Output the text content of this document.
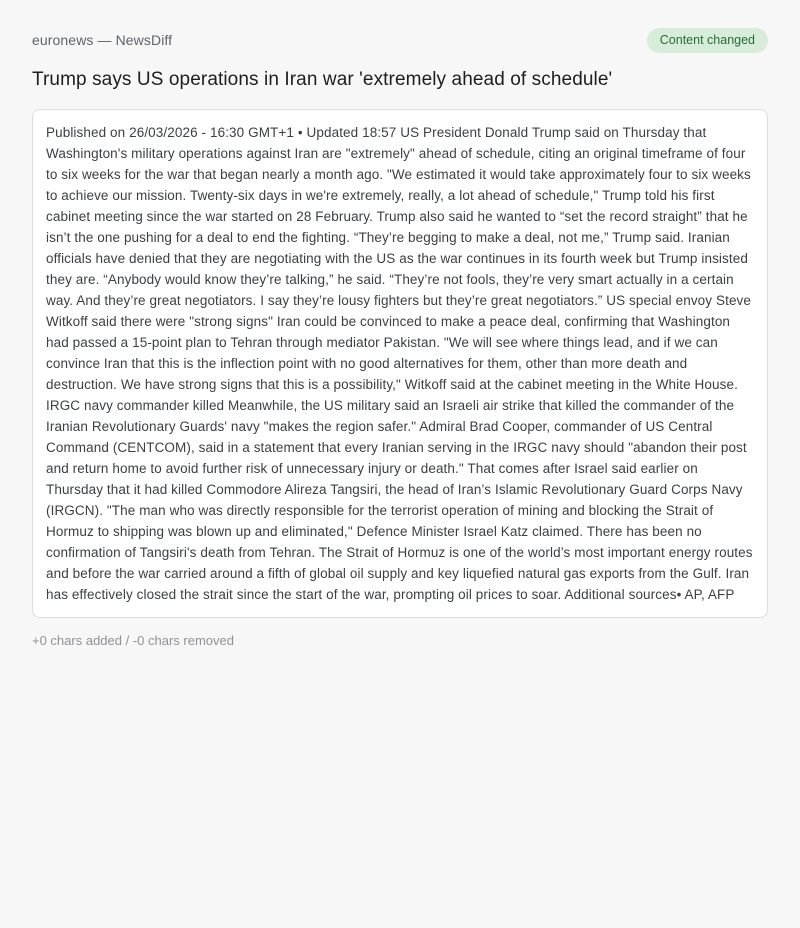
euronews — NewsDiff	Content changed
Trump says US operations in Iran war 'extremely ahead of schedule'
Published on 26/03/2026 - 16:30 GMT+1 • Updated 18:57 US President Donald Trump said on Thursday that Washington's military operations against Iran are "extremely" ahead of schedule, citing an original timeframe of four to six weeks for the war that began nearly a month ago. "We estimated it would take approximately four to six weeks to achieve our mission. Twenty-six days in we're extremely, really, a lot ahead of schedule," Trump told his first cabinet meeting since the war started on 28 February. Trump also said he wanted to “set the record straight” that he isn’t the one pushing for a deal to end the fighting. “They’re begging to make a deal, not me,” Trump said. Iranian officials have denied that they are negotiating with the US as the war continues in its fourth week but Trump insisted they are. “Anybody would know they’re talking,” he said. “They’re not fools, they’re very smart actually in a certain way. And they’re great negotiators. I say they’re lousy fighters but they’re great negotiators.” US special envoy Steve Witkoff said there were "strong signs" Iran could be convinced to make a peace deal, confirming that Washington had passed a 15-point plan to Tehran through mediator Pakistan. "We will see where things lead, and if we can convince Iran that this is the inflection point with no good alternatives for them, other than more death and destruction. We have strong signs that this is a possibility," Witkoff said at the cabinet meeting in the White House. IRGC navy commander killed Meanwhile, the US military said an Israeli air strike that killed the commander of the Iranian Revolutionary Guards' navy "makes the region safer." Admiral Brad Cooper, commander of US Central Command (CENTCOM), said in a statement that every Iranian serving in the IRGC navy should "abandon their post and return home to avoid further risk of unnecessary injury or death." That comes after Israel said earlier on Thursday that it had killed Commodore Alireza Tangsiri, the head of Iran’s Islamic Revolutionary Guard Corps Navy (IRGCN). "The man who was directly responsible for the terrorist operation of mining and blocking the Strait of Hormuz to shipping was blown up and eliminated," Defence Minister Israel Katz claimed. There has been no confirmation of Tangsiri's death from Tehran. The Strait of Hormuz is one of the world’s most important energy routes and before the war carried around a fifth of global oil supply and key liquefied natural gas exports from the Gulf. Iran has effectively closed the strait since the start of the war, prompting oil prices to soar. Additional sources• AP, AFP
+0 chars added / -0 chars removed
